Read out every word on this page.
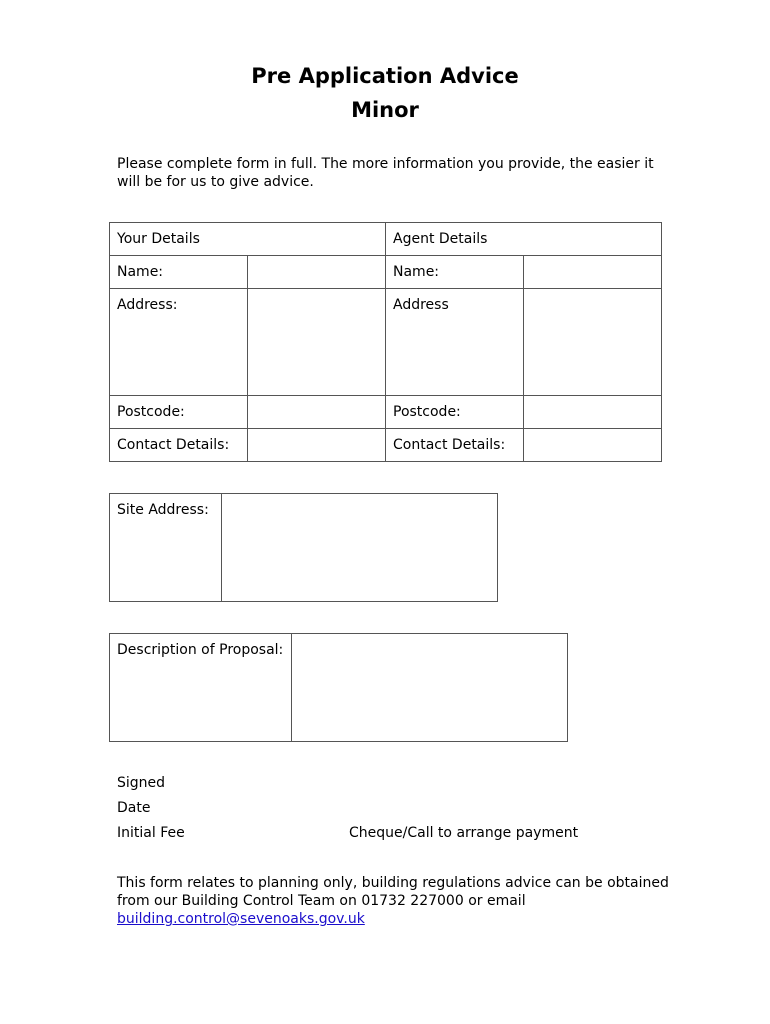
Pre Application Advice
Minor
Please complete form in full. The more information you provide, the easier it will be for us to give advice.
Your Details		Agent Details	

Name:		Name:	

Address:		Address	

Postcode:		Postcode:	

Contact Details:		Contact Details:	

Site Address:

Description of Proposal:

Signed
Date
Initial Fee	Cheque/Call to arrange payment
This form relates to planning only, building regulations advice can be obtained from our Building Control Team on 01732 227000 or email
building.control@sevenoaks.gov.uk
